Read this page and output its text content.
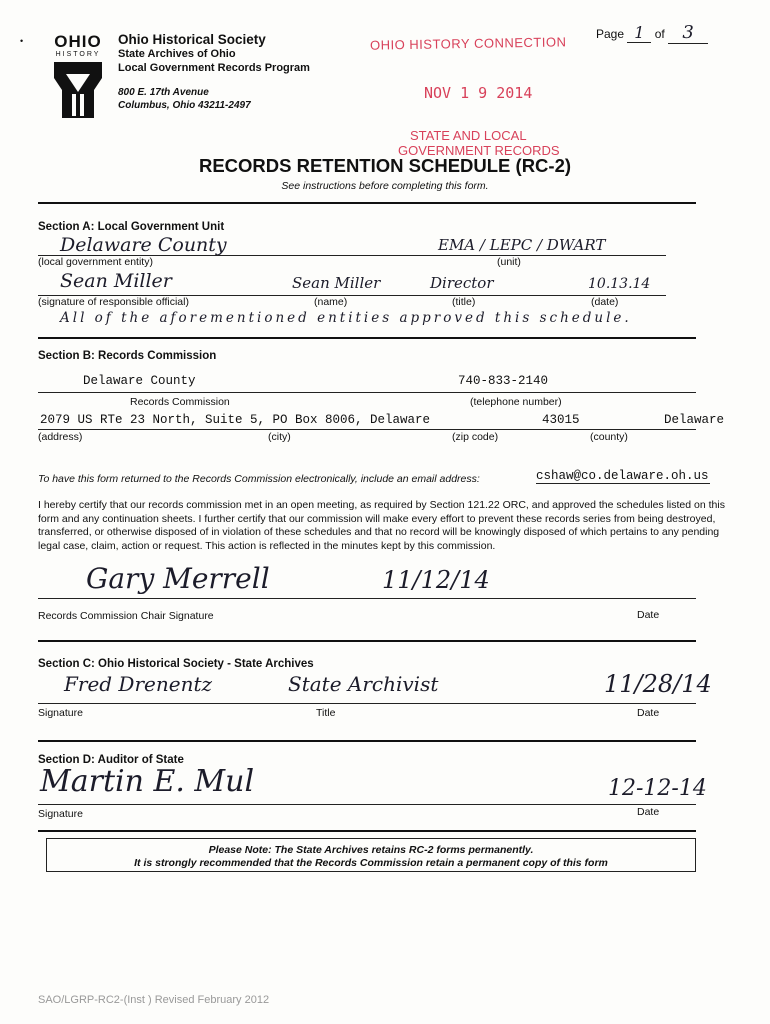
OHIO
HISTORY
•	Ohio Historical Society
State Archives of Ohio
Local Government Records Program
800 E. 17th Avenue
Columbus, Ohio 43211-2497
Page 1 of 3
OHIO HISTORY CONNECTION
NOV 1 9 2014
STATE AND LOCAL
GOVERNMENT RECORDS
RECORDS RETENTION SCHEDULE (RC-2)
See instructions before completing this form.
Section A: Local Government Unit
Delaware County	EMA / LEPC / DWART
(local government entity)	(unit)
Sean Miller	Sean Miller	Director	10.13.14
(signature of responsible official)	(name)	(title)	(date)
All of the aforementioned entities approved this schedule.
Section B: Records Commission
Delaware County	740-833-2140
Records Commission	(telephone number)
2079 US RTe 23 North, Suite 5, PO Box 8006, Delaware	43015	Delaware
(address)	(city)	(zip code)	(county)
To have this form returned to the Records Commission electronically, include an email address:	cshaw@co.delaware.oh.us
I hereby certify that our records commission met in an open meeting, as required by Section 121.22 ORC, and approved the schedules listed on this form and any continuation sheets. I further certify that our commission will make every effort to prevent these records series from being destroyed, transferred, or otherwise disposed of in violation of these schedules and that no record will be knowingly disposed of which pertains to any pending legal case, claim, action or request. This action is reflected in the minutes kept by this commission.
Gary Merrell	11/12/14
Records Commission Chair Signature	Date
Section C: Ohio Historical Society - State Archives
Fred Drenentz	State Archivist	11/28/14
Signature	Title	Date
Section D: Auditor of State
Martin E. Mul	12-12-14
Signature	Date
Please Note: The State Archives retains RC-2 forms permanently.
It is strongly recommended that the Records Commission retain a permanent copy of this form
SAO/LGRP-RC2-(Inst ) Revised February 2012
